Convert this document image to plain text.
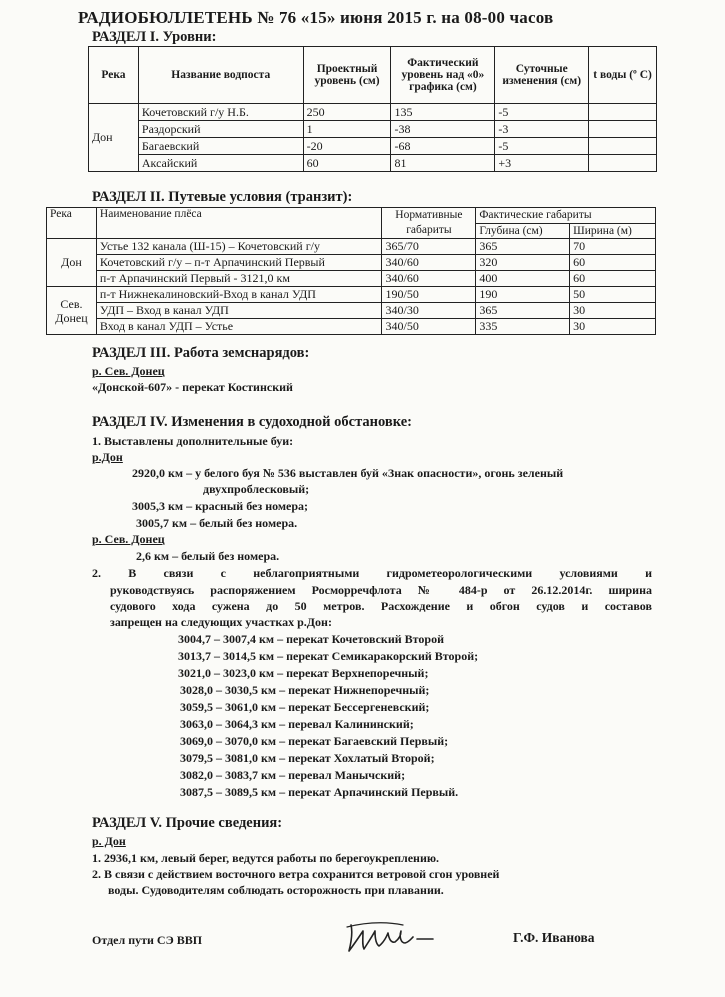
РАДИОБЮЛЛЕТЕНЬ № 76 «15» июня 2015 г. на 08-00 часов
РАЗДЕЛ I. Уровни:
Река	Название водпоста	Проектный уровень (см)	Фактический уровень над «0» графика (см)	Суточные изменения (см)	t воды (º C)
Дон	Кочетовский г/у Н.Б.	250	135	-5	
	Раздорский	1	-38	-3	
	Багаевский	-20	-68	-5	
	Аксайский	60	81	+3	
РАЗДЕЛ II. Путевые условия (транзит):
Река	Наименование плёса	Нормативные габариты	Фактические габариты	
			Глубина (см)	Ширина (м)
Дон	Устье 132 канала (Ш-15) – Кочетовский г/у	365/70	365	70
	Кочетовский г/у – п-т Арпачинский Первый	340/60	320	60
	п-т Арпачинский Первый - 3121,0 км	340/60	400	60
Сев. Донец	п-т Нижнекалиновский-Вход в канал УДП	190/50	190	50
	УДП – Вход в канал УДП	340/30	365	30
	Вход в канал УДП – Устье	340/50	335	30
РАЗДЕЛ III. Работа земснарядов:
р. Сев. Донец
«Донской-607» - перекат Костинский
РАЗДЕЛ IV. Изменения в судоходной обстановке:
1. Выставлены дополнительные буи:
р.Дон
2920,0 км – у белого буя № 536 выставлен буй «Знак опасности», огонь зеленый
двухпроблесковый;
3005,3 км – красный без номера;
3005,7 км – белый без номера.
р. Сев. Донец
2,6 км – белый без номера.
2. В связи с неблагоприятными гидрометеорологическими условиями и
руководствуясь распоряжением Росморречфлота № 484-р от 26.12.2014г. ширина
судового хода сужена до 50 метров. Расхождение и обгон судов и составов
запрещен на следующих участках р.Дон:
3004,7 – 3007,4 км – перекат Кочетовский Второй
3013,7 – 3014,5 км – перекат Семикаракорский Второй;
3021,0 – 3023,0 км – перекат Верхнепоречный;
3028,0 – 3030,5 км – перекат Нижнепоречный;
3059,5 – 3061,0 км – перекат Бессергеневский;
3063,0 – 3064,3 км – перевал Калининский;
3069,0 – 3070,0 км – перекат Багаевский Первый;
3079,5 – 3081,0 км – перекат Хохлатый Второй;
3082,0 – 3083,7 км – перевал Манычский;
3087,5 – 3089,5 км – перекат Арпачинский Первый.
РАЗДЕЛ V. Прочие сведения:
р. Дон
1. 2936,1 км, левый берег, ведутся работы по берегоукреплению.
2. В связи с действием восточного ветра сохранится ветровой сгон уровней
воды. Судоводителям соблюдать осторожность при плавании.
Отдел пути СЭ ВВП	Г.Ф. Иванова
